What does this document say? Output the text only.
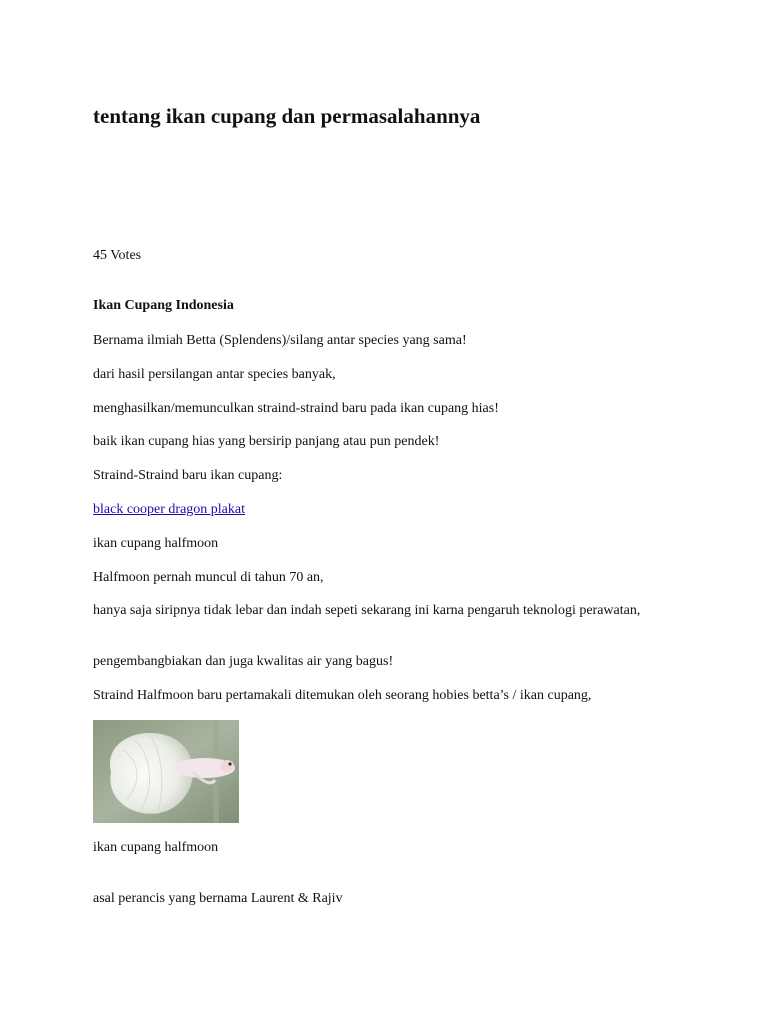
tentang ikan cupang dan permasalahannya

45 Votes

Ikan Cupang Indonesia

Bernama ilmiah Betta (Splendens)/silang antar species yang sama!

dari hasil persilangan antar species banyak,

menghasilkan/memunculkan straind-straind baru pada ikan cupang hias!

baik ikan cupang hias yang bersirip panjang atau pun pendek!

Straind-Straind baru ikan cupang:

black cooper dragon plakat

ikan cupang halfmoon

Halfmoon pernah muncul di tahun 70 an,

hanya saja siripnya tidak lebar dan indah sepeti sekarang ini karna pengaruh teknologi perawatan,

pengembangbiakan dan juga kwalitas air yang bagus!

Straind Halfmoon baru pertamakali ditemukan oleh seorang hobies betta’s / ikan cupang,

ikan cupang halfmoon

asal perancis yang bernama Laurent & Rajiv
